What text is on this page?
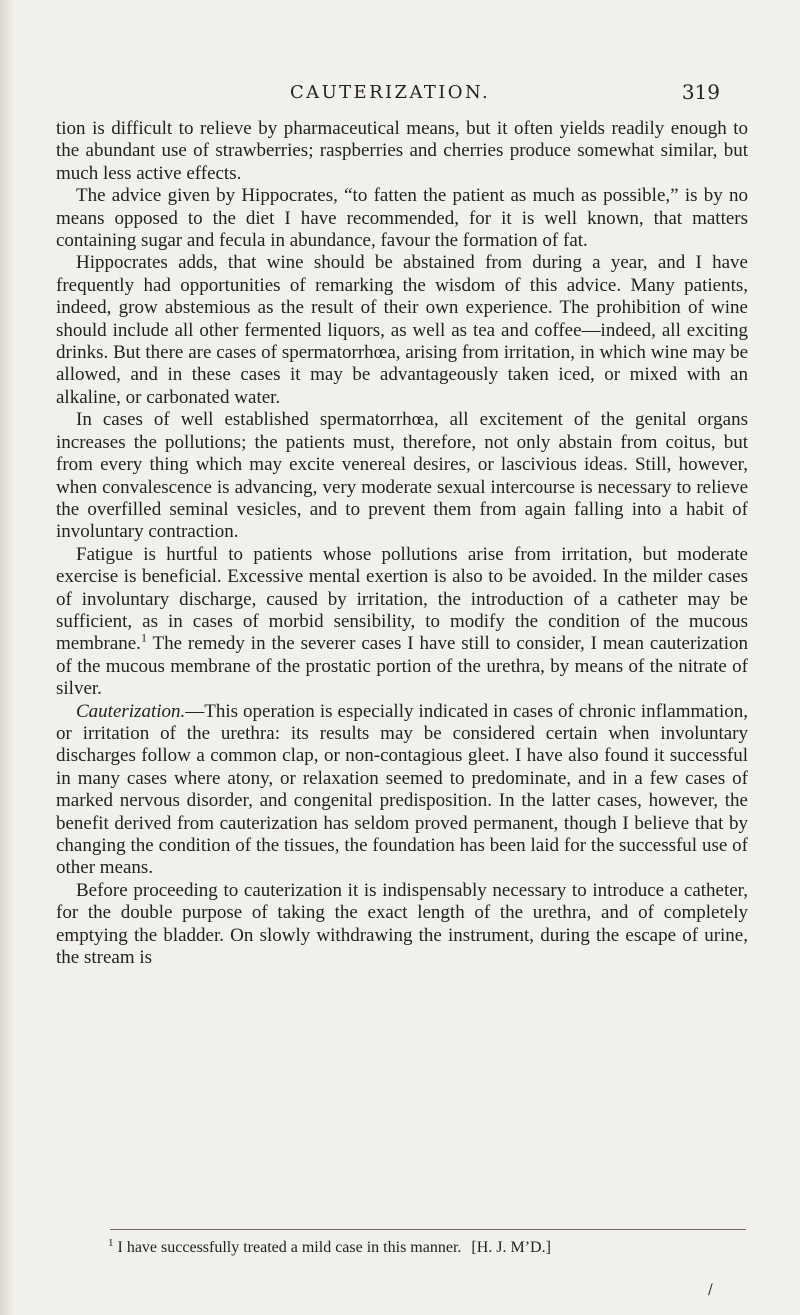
CAUTERIZATION.	319

tion is difficult to relieve by pharmaceutical means, but it often yields readily enough to the abundant use of strawberries; raspberries and cherries produce somewhat similar, but much less active effects.

The advice given by Hippocrates, “to fatten the patient as much as possible,” is by no means opposed to the diet I have recommended, for it is well known, that matters containing sugar and fecula in abundance, favour the formation of fat.

Hippocrates adds, that wine should be abstained from during a year, and I have frequently had opportunities of remarking the wisdom of this advice. Many patients, indeed, grow abstemious as the result of their own experience. The prohibition of wine should include all other fermented liquors, as well as tea and coffee—indeed, all exciting drinks. But there are cases of spermatorrhœa, arising from irritation, in which wine may be allowed, and in these cases it may be advantageously taken iced, or mixed with an alkaline, or carbonated water.

In cases of well established spermatorrhœa, all excitement of the genital organs increases the pollutions; the patients must, therefore, not only abstain from coitus, but from every thing which may excite venereal desires, or lascivious ideas. Still, however, when convalescence is advancing, very moderate sexual intercourse is necessary to relieve the overfilled seminal vesicles, and to prevent them from again falling into a habit of involuntary contraction.

Fatigue is hurtful to patients whose pollutions arise from irritation, but moderate exercise is beneficial. Excessive mental exertion is also to be avoided. In the milder cases of involuntary discharge, caused by irritation, the introduction of a catheter may be sufficient, as in cases of morbid sensibility, to modify the condition of the mucous membrane.$^1$ The remedy in the severer cases I have still to consider, I mean cauterization of the mucous membrane of the prostatic portion of the urethra, by means of the nitrate of silver.

Cauterization.—This operation is especially indicated in cases of chronic inflammation, or irritation of the urethra: its results may be considered certain when involuntary discharges follow a common clap, or non-contagious gleet. I have also found it successful in many cases where atony, or relaxation seemed to predominate, and in a few cases of marked nervous disorder, and congenital predisposition. In the latter cases, however, the benefit derived from cauterization has seldom proved permanent, though I believe that by changing the condition of the tissues, the foundation has been laid for the successful use of other means.

Before proceeding to cauterization it is indispensably necessary to introduce a catheter, for the double purpose of taking the exact length of the urethra, and of completely emptying the bladder. On slowly withdrawing the instrument, during the escape of urine, the stream is

$^1$ I have successfully treated a mild case in this manner. [H. J. M’D.]
/
